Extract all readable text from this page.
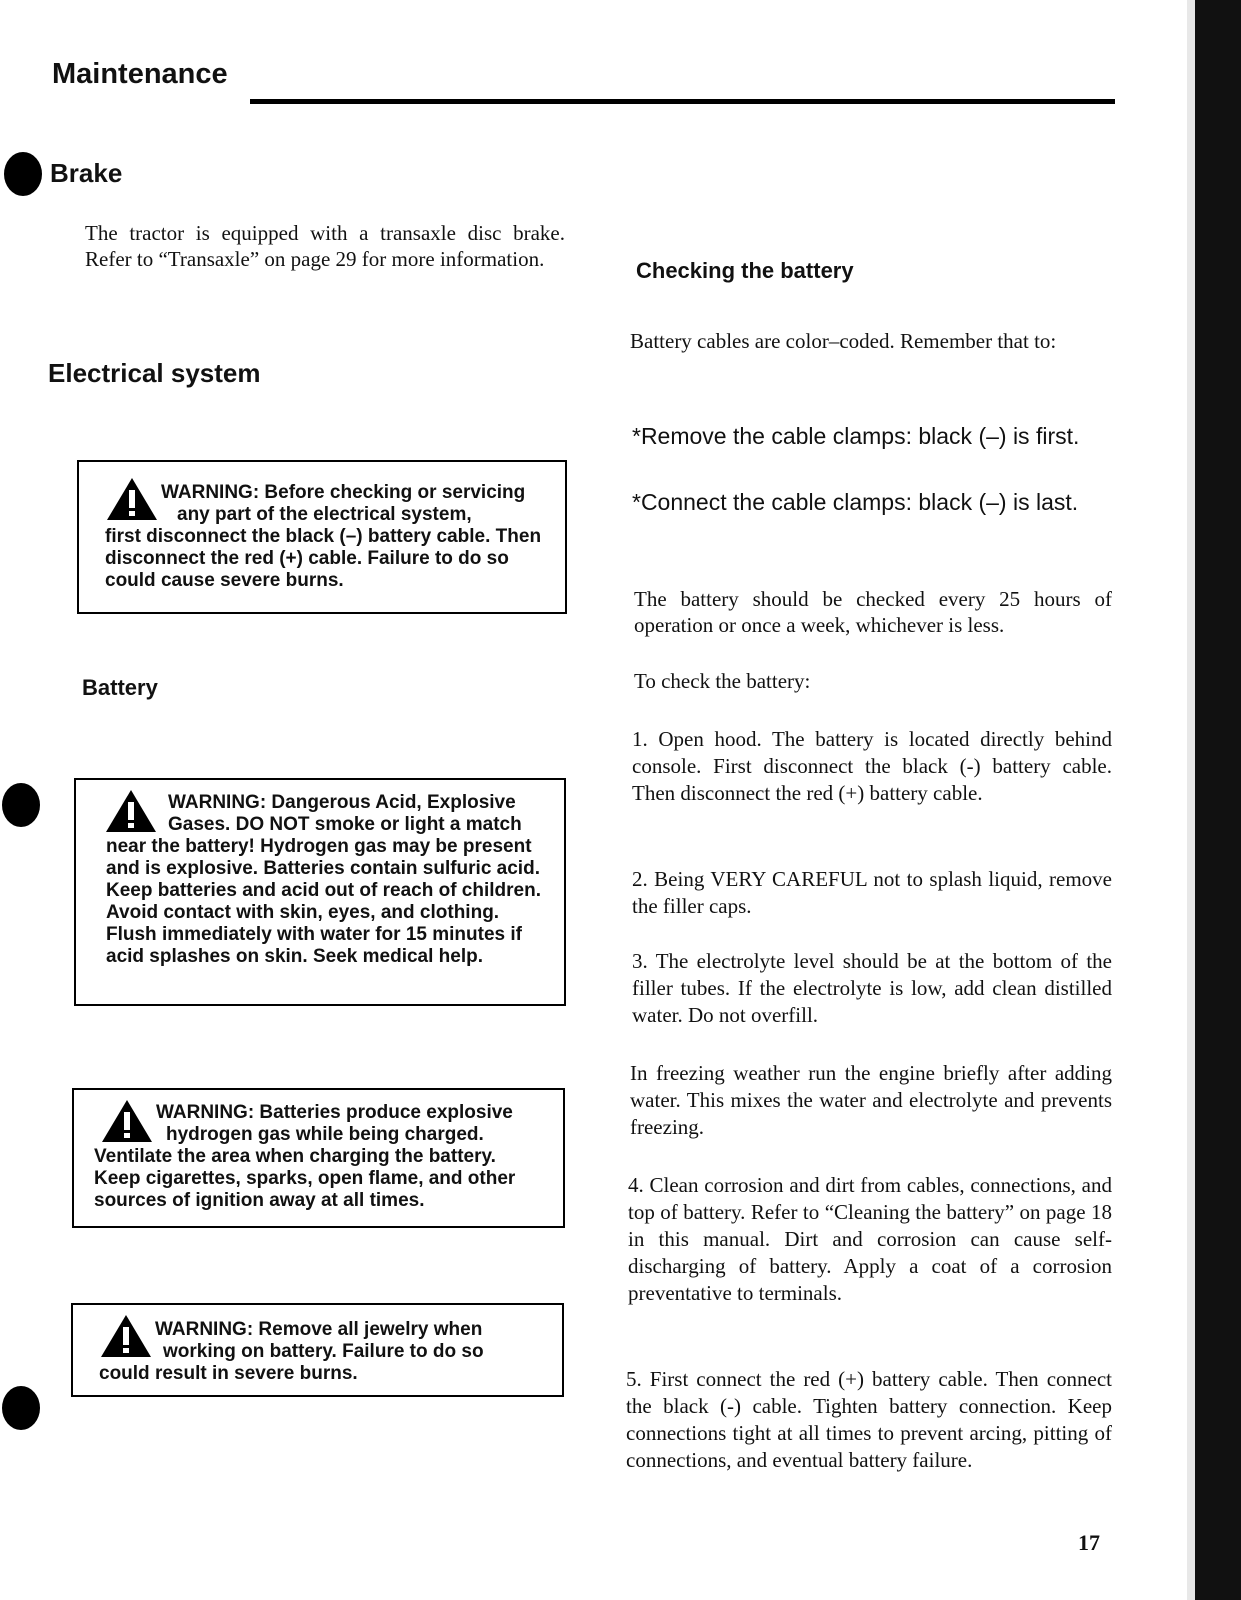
Maintenance
Brake
The tractor is equipped with a transaxle disc brake. Refer to “Transaxle” on page 29 for more information.
Electrical system
WARNING: Before checking or servicing
any part of the electrical system,
first disconnect the black (–) battery cable. Then disconnect the red (+) cable. Failure to do so could cause severe burns.
Battery
WARNING: Dangerous Acid, Explosive
Gases. DO NOT smoke or light a match
near the battery! Hydrogen gas may be present and is explosive. Batteries contain sulfuric acid. Keep batteries and acid out of reach of children. Avoid contact with skin, eyes, and clothing. Flush immediately with water for 15 minutes if acid splashes on skin. Seek medical help.
WARNING: Batteries produce explosive
hydrogen gas while being charged.
Ventilate the area when charging the battery. Keep cigarettes, sparks, open flame, and other sources of ignition away at all times.
WARNING: Remove all jewelry when
working on battery. Failure to do so
could result in severe burns.
Checking the battery
Battery cables are color–coded. Remember that to:
*Remove the cable clamps: black (–) is first.
*Connect the cable clamps: black (–) is last.
The battery should be checked every 25 hours of operation or once a week, whichever is less.
To check the battery:
1. Open hood. The battery is located directly behind console. First disconnect the black (-) battery cable. Then disconnect the red (+) battery cable.
2. Being VERY CAREFUL not to splash liquid, remove the filler caps.
3. The electrolyte level should be at the bottom of the filler tubes. If the electrolyte is low, add clean distilled water. Do not overfill.
In freezing weather run the engine briefly after adding water. This mixes the water and electrolyte and prevents freezing.
4. Clean corrosion and dirt from cables, connections, and top of battery. Refer to “Cleaning the battery” on page 18 in this manual. Dirt and corrosion can cause self-discharging of battery. Apply a coat of a corrosion preventative to terminals.
5. First connect the red (+) battery cable. Then connect the black (-) cable. Tighten battery connection. Keep connections tight at all times to prevent arcing, pitting of connections, and eventual battery failure.
17
